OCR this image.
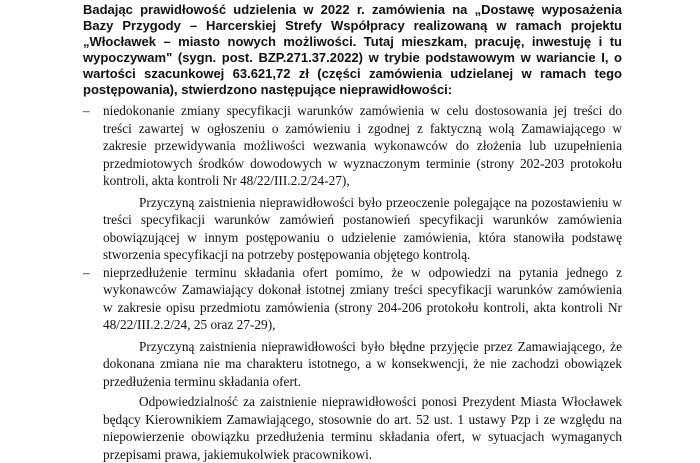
Badając prawidłowość udzielenia w 2022 r. zamówienia na „Dostawę wyposażenia Bazy Przygody – Harcerskiej Strefy Współpracy realizowaną w ramach projektu „Włocławek – miasto nowych możliwości. Tutaj mieszkam, pracuję, inwestuję i tu wypoczywam" (sygn. post. BZP.271.37.2022) w trybie podstawowym w wariancie I, o wartości szacunkowej 63.621,72 zł (części zamówienia udzielanej w ramach tego postępowania), stwierdzono następujące nieprawidłowości:

– niedokonanie zmiany specyfikacji warunków zamówienia w celu dostosowania jej treści do treści zawartej w ogłoszeniu o zamówieniu i zgodnej z faktyczną wolą Zamawiającego w zakresie przewidywania możliwości wezwania wykonawców do złożenia lub uzupełnienia przedmiotowych środków dowodowych w wyznaczonym terminie (strony 202-203 protokołu kontroli, akta kontroli Nr 48/22/III.2.2/24-27),

Przyczyną zaistnienia nieprawidłowości było przeoczenie polegające na pozostawieniu w treści specyfikacji warunków zamówień postanowień specyfikacji warunków zamówienia obowiązującej w innym postępowaniu o udzielenie zamówienia, która stanowiła podstawę stworzenia specyfikacji na potrzeby postępowania objętego kontrolą.

– nieprzedłużenie terminu składania ofert pomimo, że w odpowiedzi na pytania jednego z wykonawców Zamawiający dokonał istotnej zmiany treści specyfikacji warunków zamówienia w zakresie opisu przedmiotu zamówienia (strony 204-206 protokołu kontroli, akta kontroli Nr 48/22/III.2.2/24, 25 oraz 27-29),

Przyczyną zaistnienia nieprawidłowości było błędne przyjęcie przez Zamawiającego, że dokonana zmiana nie ma charakteru istotnego, a w konsekwencji, że nie zachodzi obowiązek przedłużenia terminu składania ofert.

Odpowiedzialność za zaistnienie nieprawidłowości ponosi Prezydent Miasta Włocławek będący Kierownikiem Zamawiającego, stosownie do art. 52 ust. 1 ustawy Pzp i ze względu na niepowierzenie obowiązku przedłużenia terminu składania ofert, w sytuacjach wymaganych przepisami prawa, jakiemukolwiek pracownikowi.
